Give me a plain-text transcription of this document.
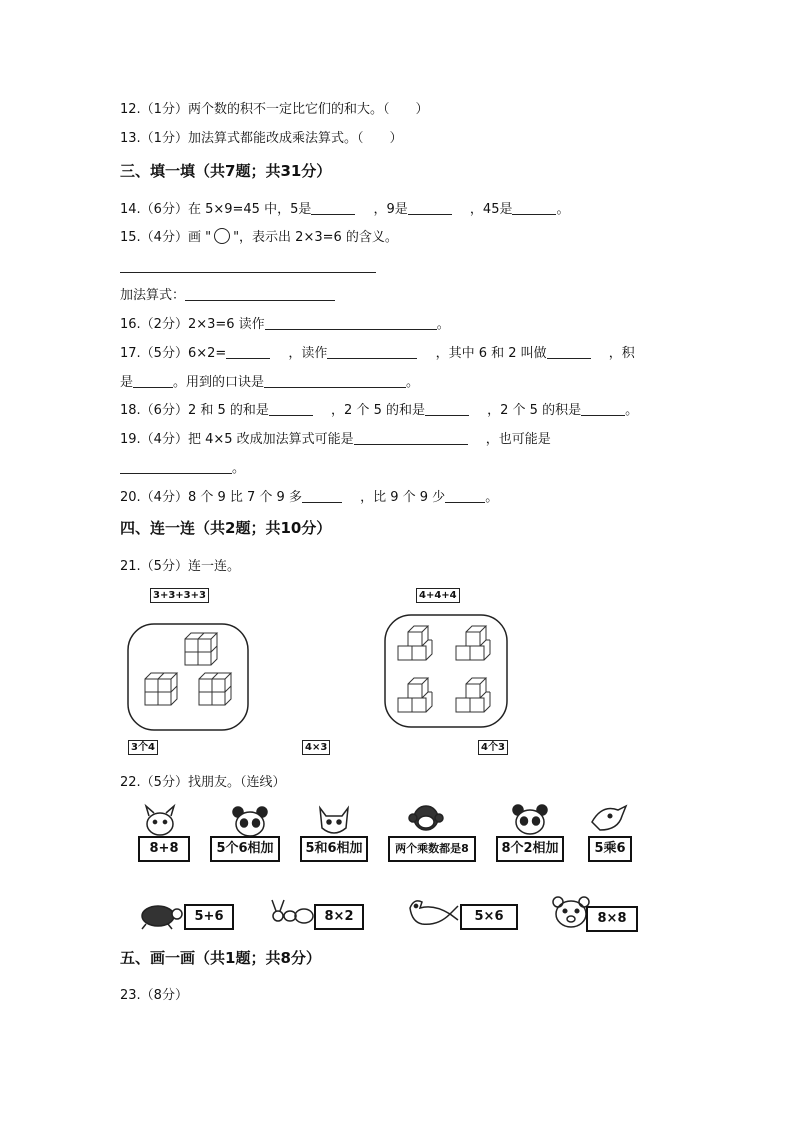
12.（1分）两个数的积不一定比它们的和大。（　　）
13.（1分）加法算式都能改成乘法算式。（　　）
三、填一填（共7题；共31分）
14.（6分）在 5×9=45 中，5是	，9是	，45是	。
15.（4分）画 " "，表示出 2×3=6 的含义。
加法算式：
16.（2分）2×3=6 读作	。
17.（5分）6×2=	，读作	，其中 6 和 2 叫做	，积
是	。用到的口诀是	。
18.（6分）2 和 5 的和是	，2 个 5 的和是	，2 个 5 的积是	。
19.（4分）把 4×5 改成加法算式可能是	，也可能是
。
20.（4分）8 个 9 比 7 个 9 多	，比 9 个 9 少	。
四、连一连（共2题；共10分）
21.（5分）连一连。
3+3+3+3	4+4+4
3个4	4×3	4个3
22.（5分）找朋友。（连线）
8+8	5个6相加	5和6相加	两个乘数都是8	8个2相加	5乘6
5+6	8×2	5×6	8×8
五、画一画（共1题；共8分）
23.（8分）
